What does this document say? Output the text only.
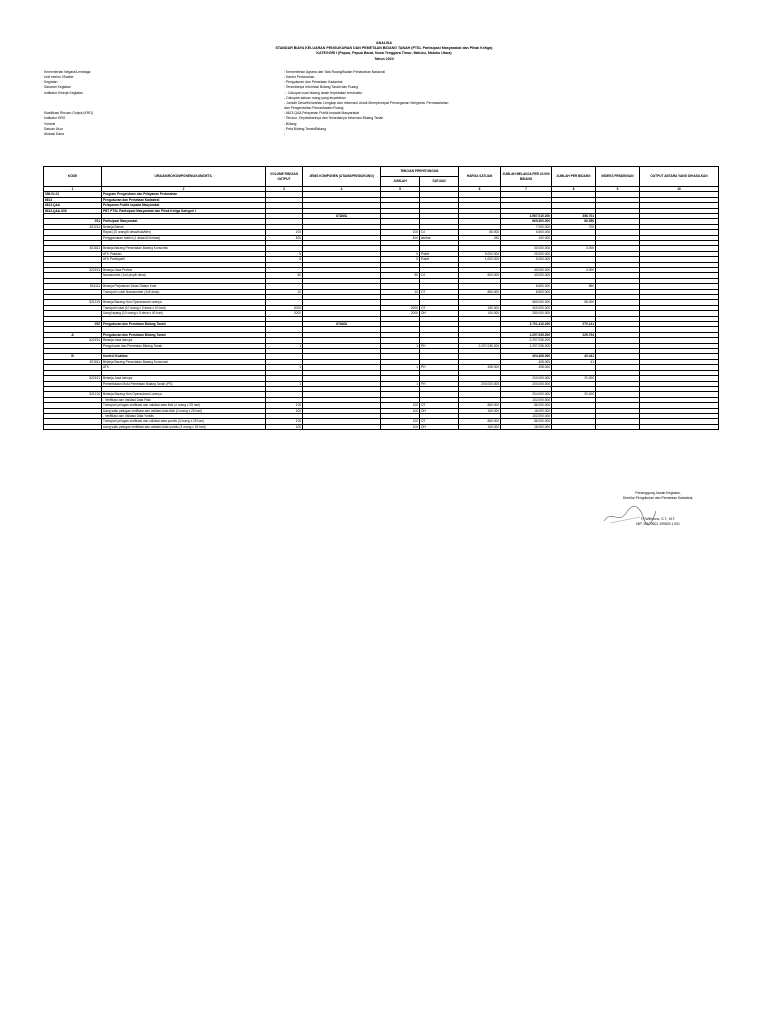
ANALISA
STANDAR BIAYA KELUARAN PENGUKURAN DAN PEMETAAN BIDANG TANAH (PTSL Partisipasi Masyarakat dan Pihak Ketiga)
KATEGORI I (Papua, Papua Barat, Nusa Tenggara Timur, Maluku, Maluku Utara)
Tahun 2023
Kementerian Negara/Lembaga	: Kementerian Agraria dan Tata Ruang/Badan Pertanahan Nasional
Unit eselon I/Satker	: Kantor Pertanahan
Kegiatan	: Pengukuran dan Pemetaan Kadastral
Sasaran Kegiatan	: Tersedianya Informasi Bidang Tanah dan Ruang
Indikator Kinerja Kegiatan	: - Cakupan luas bidang tanah terpetakan terstruktur
- Cakupan satuan ruang yang terpetakan
- Jumlah Desa/Kelurahan Lengkap dan Informasi Untuk Mempercepat Penanganan Sengketa, Permasalahan
dan Pengendalian Pemanfaatan Ruang
Klasifikasi Rincian Output (KRO)	: 6613.QAA Pelayanan Publik kepada Masyarakat
Indikator KRO	: Terukur, Terpetakannya dan Tersedianya Informasi Bidang Tanah
Volume	: Bidang
Satuan Ukur	: Peta Bidang Tanah/Bidang
Alokasi Dana	:
KODE	URAIAN/RO/KOMPONEN/AKUN/DETIL	VOLUME RINCIAN OUTPUT	JENIS KOMPONEN (UTAMA/PENDUKUNG)	RINCIAN PERHITUNGAN		HARGA SATUAN	JUMLAH BELANJA PER 10.000 BIDANG	JUMLAH PER BIDANG	INDEKS PENDINGAN	OUTPUT ANTARA YANG DIHASILKAN
				JUMLAH	SATUAN					
1	2	3	4	5		6	7	8	9	10
056.01.01	Program Pengelolaan dan Pelayanan Pertanahan									
6613	Pengukuran dan Pemetaan Kadastral									
6613.QAA	Pelayanan Publik kepada Masyarakat									
6613.QAA.U06	PBT PTSL Partisipasi Masyarakat dan Pihak Ketiga Kategori I									
			UTAMA				3.567.010.200	356.701		
051	Partisipasi Masyarakat						665.500.000	66.550		
521211	Belanja Bahan						7.000.000	700		
	Rapat (10 orang/5 desa/fuda/titer)	100		100	OJ	65.000	6.500.000			
	Penggandaan materi (1 desa/40 lembar)	400		400	lembar	250	100.000			

521811	Belanja Barang Persediaan Barang Konsumsi						30.000.000	3.000		
	ATK Pakaian	5		5	Paket	5.000.000	25.000.000			
	ATK Partisipatif	5		5	Paket	1.000.000	5.000.000			

522151	Belanja Jasa Profesi						40.000.000	4.000		
	Narasumber (1orl pinpili desa)	50		50	OJ	800.000	40.000.000			

524111	Belanja Perjalanan Dinas Dalam Kota						8.600.000	860		
	Transport Lokal Narasumber (1x5 desa)	10		10	OT	860.000	8.600.000			

521219	Belanja Barang Non Operasional Lainnya						580.000.000	58.000		
	Transport lokal (10 orang x 5 desa x 40 hari)	2000		2000	OT	150.000	300.000.000			
	Uang lapang (10 orang x 5 desa x 40 hari)	2000		2000	OH	140.000	280.000.000			

052	Pengukuran dan Pemetaan Bidang Tanah		UTAMA				2.701.410.200	270.141		

A	Pengukuran dan Pemetaan Bidang Tanah						2.297.035.200	229.704		
522191	Belanja Jasa lainnya						2.297.035.200			
	Pengukuran dan Pemetaan Bidang Tanah	1		1	PH	2.297.035.200	2.297.035.200			

B	Kontrol Kualitas						404.408.000	40.441		
521811	Belanja Barang Persediaan Barang Konsumsi						408.000	41		
	ATK	1		1	PH	408.000	408.000			

522191	Belanja Jasa lainnya						200.000.000	20.000		
	Pemeriksaan Mutu Pemetaan Bidang Tanah (PS)	1		1	PH	200.000.000	200.000.000			

521219	Belanja Barang Non Operasional Lainnya						204.000.000	20.400		
	- Verifikasi dan Validasi Data Fisik						102.000.000			
	Transport petugas verifikasi dan validasi data fisik (4 orang x 25 hari)	100		100	OT	860.000	86.000.000			
	Uang saku petugas verifikasi dan validasi data fisik (4 orang x 25 hari)	100		100	OH	160.000	16.000.000			
	- Verifikasi dan Validasi Data Yuridis						102.000.000			
	Transport petugas verifikasi dan validasi data yuridis (4 orang x 25 hari)	100		100	OT	860.000	86.000.000			
	Uang saku petugas verifikasi dan validasi data yuridis (4 orang x 25 hari)	100		100	OH	160.000	16.000.000			
Penanggung Jawab Kegiatan,
Direktur Pengukuran dan Pemetaan Kadastral,
Tri Wibisono, S.T., M.T.
NIP. 19670601 199503 1 001
